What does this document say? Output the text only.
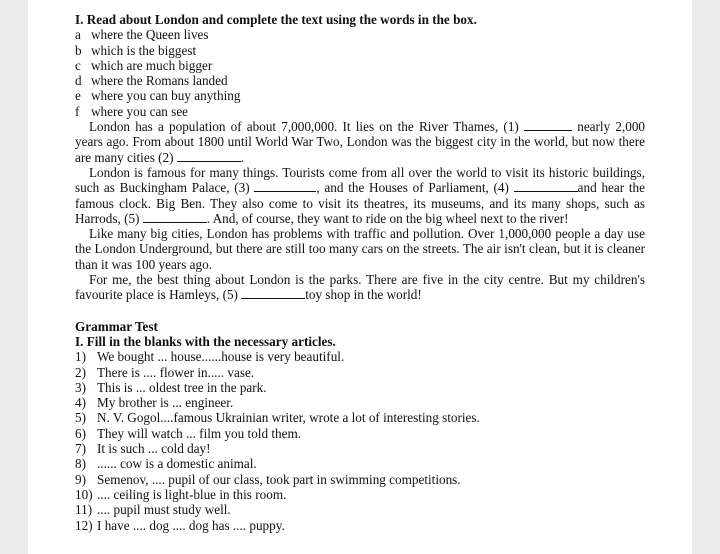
I. Read about London and complete the text using the words in the box.

a where the Queen lives

b which is the biggest

c which are much bigger

d where the Romans landed

e where you can buy anything

f where you can see

London has a population of about 7,000,000. It lies on the River Thames, (1)	nearly 2,000 years ago. From about 1800 until World War Two, London was the biggest city in the world, but now there are many cities (2)	.

London is famous for many things. Tourists come from all over the world to visit its historic buildings, such as Buckingham Palace, (3)	, and the Houses of Parliament, (4)	and hear the famous clock. Big Ben. They also come to visit its theatres, its museums, and its many shops, such as Harrods, (5)	. And, of course, they want to ride on the big wheel next to the river!

Like many big cities, London has problems with traffic and pollution. Over 1,000,000 people a day use the London Underground, but there are still too many cars on the streets. The air isn't clean, but it is cleaner than it was 100 years ago.

For me, the best thing about London is the parks. There are five in the city centre. But my children's favourite place is Hamleys, (5)	toy shop in the world!

Grammar Test

I. Fill in the blanks with the necessary articles.

1) We bought ... house......house is very beautiful.

2) There is .... flower in..... vase.

3) This is ... oldest tree in the park.

4) My brother is ... engineer.

5) N. V. Gogol....famous Ukrainian writer, wrote a lot of interesting stories.

6) They will watch ... film you told them.

7) It is such ... cold day!

8) ...... cow is a domestic animal.

9) Semenov, .... pupil of our class, took part in swimming competitions.

10) .... ceiling is light-blue in this room.

11) .... pupil must study well.

12) I have .... dog .... dog has .... puppy.
